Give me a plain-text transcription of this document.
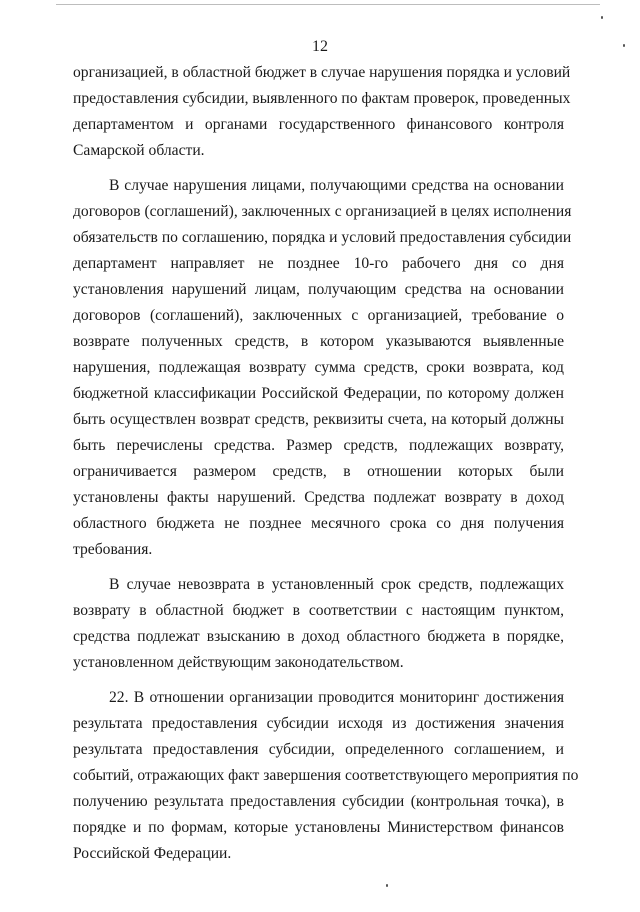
12

организацией, в областной бюджет в случае нарушения порядка и условий
предоставления субсидии, выявленного по фактам проверок, проведенных
департаментом и органами государственного финансового контроля
Самарской области.

В случае нарушения лицами, получающими средства на основании
договоров (соглашений), заключенных с организацией в целях исполнения
обязательств по соглашению, порядка и условий предоставления субсидии
департамент направляет не позднее 10-го рабочего дня со дня
установления нарушений лицам, получающим средства на основании
договоров (соглашений), заключенных с организацией, требование о
возврате полученных средств, в котором указываются выявленные
нарушения, подлежащая возврату сумма средств, сроки возврата, код
бюджетной классификации Российской Федерации, по которому должен
быть осуществлен возврат средств, реквизиты счета, на который должны
быть перечислены средства. Размер средств, подлежащих возврату,
ограничивается размером средств, в отношении которых были
установлены факты нарушений. Средства подлежат возврату в доход
областного бюджета не позднее месячного срока со дня получения
требования.

В случае невозврата в установленный срок средств, подлежащих
возврату в областной бюджет в соответствии с настоящим пунктом,
средства подлежат взысканию в доход областного бюджета в порядке,
установленном действующим законодательством.

22. В отношении организации проводится мониторинг достижения
результата предоставления субсидии исходя из достижения значения
результата предоставления субсидии, определенного соглашением, и
событий, отражающих факт завершения соответствующего мероприятия по
получению результата предоставления субсидии (контрольная точка), в
порядке и по формам, которые установлены Министерством финансов
Российской Федерации.
